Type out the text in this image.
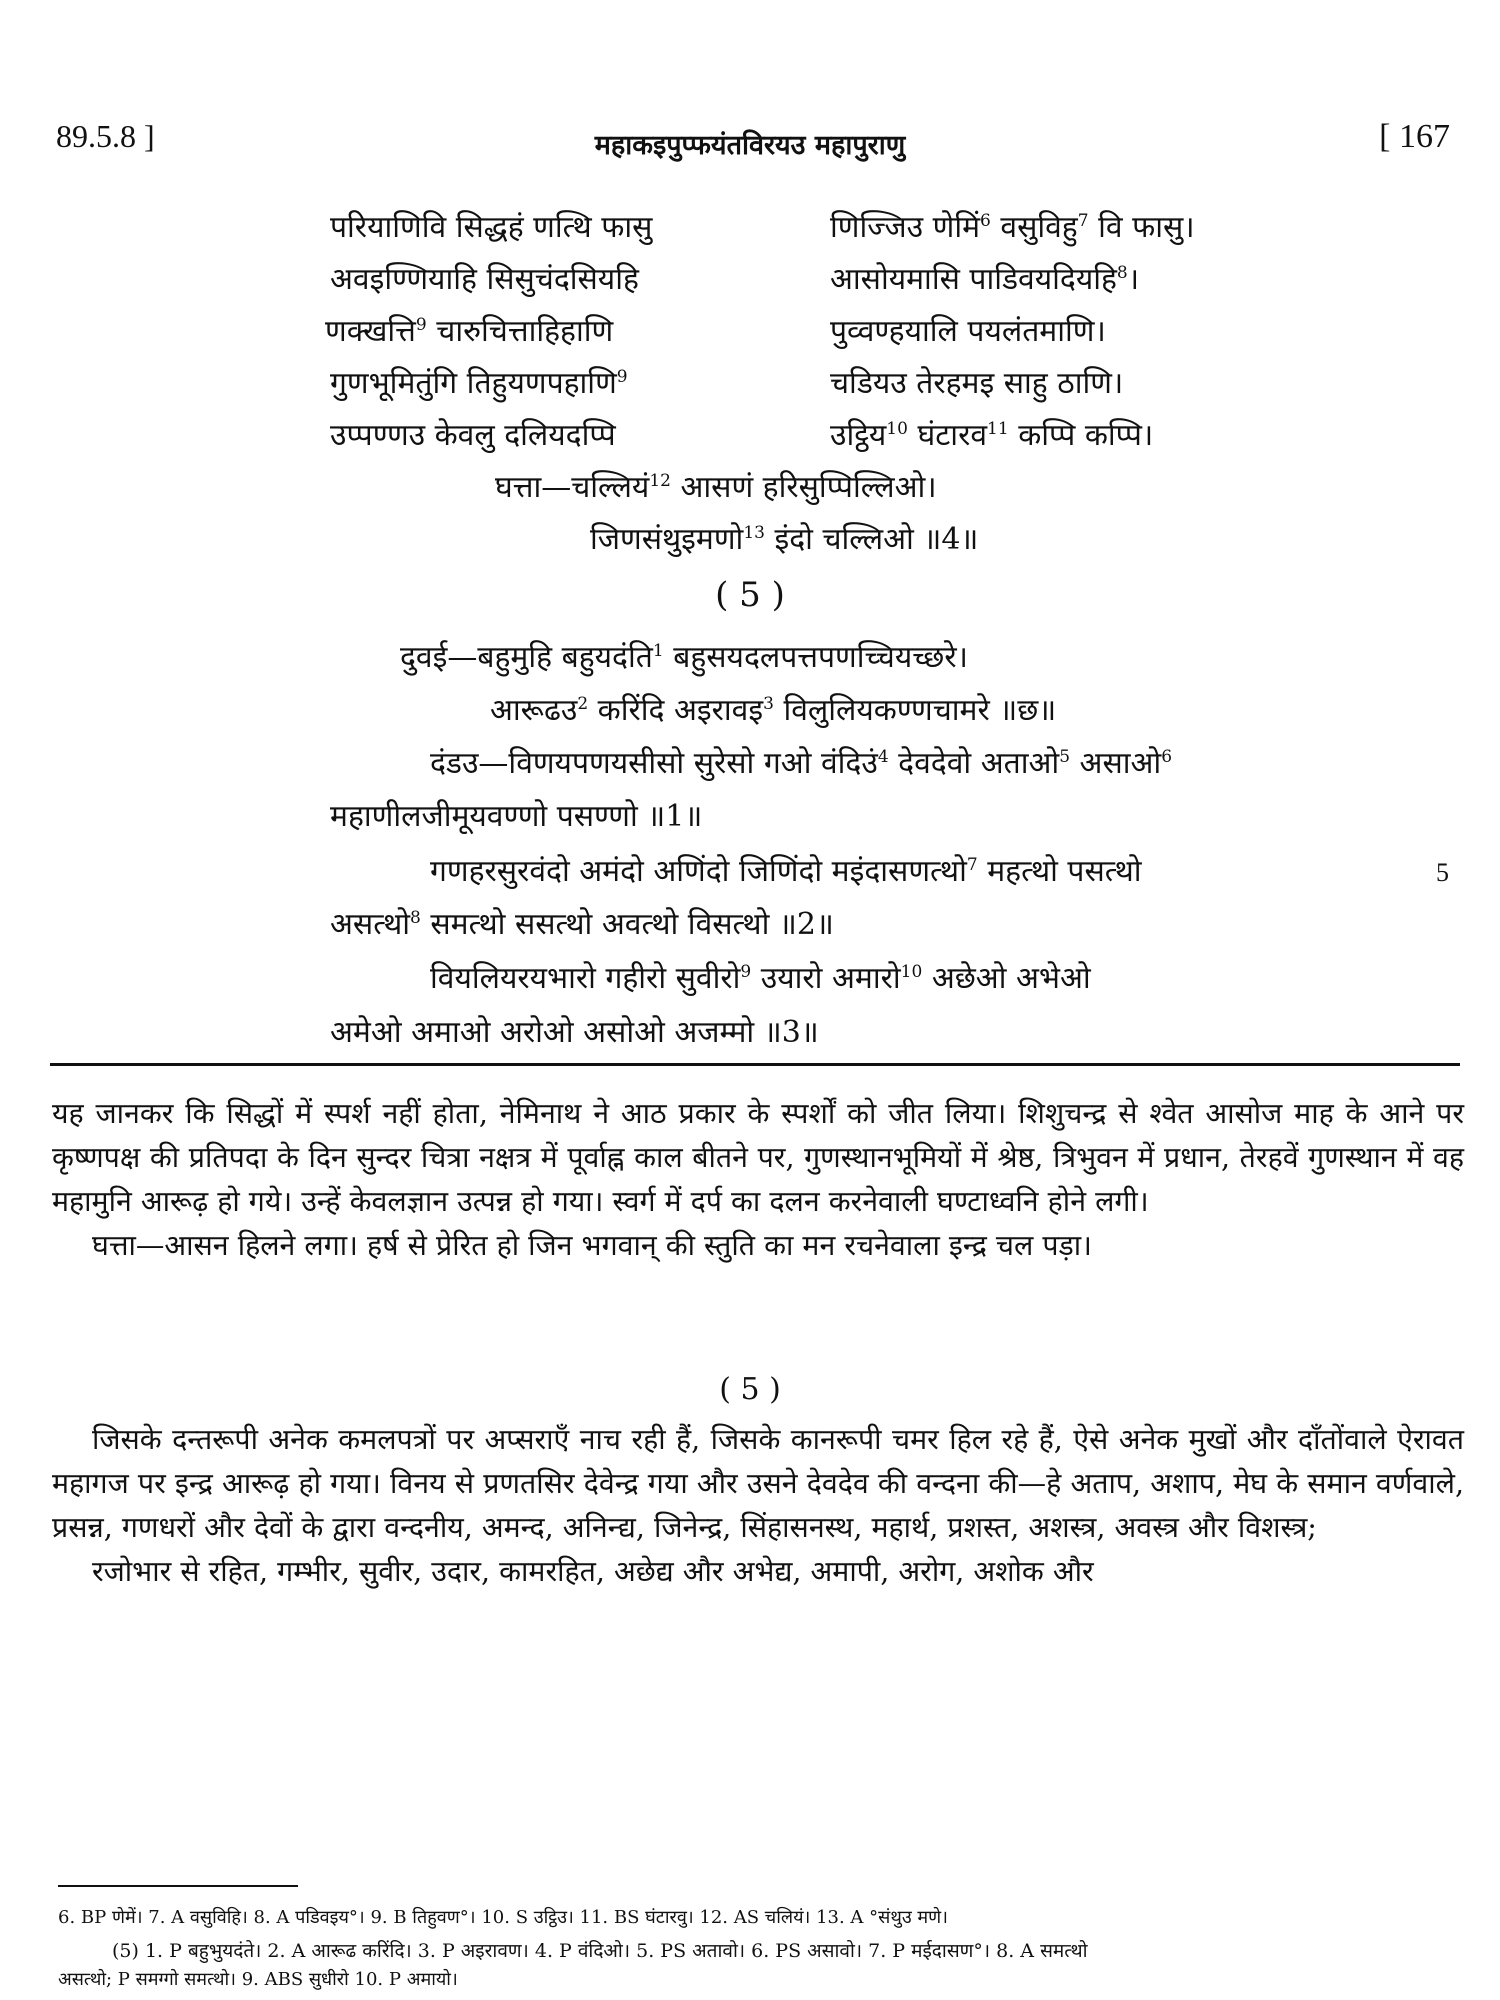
89.5.8 ]	महाकइपुप्फयंतविरयउ महापुराणु	[ 167
परियाणिवि सिद्धहं णत्थि फासु	णिज्जिउ णेमिं$^6$ वसुविहु$^7$ वि फासु।
अवइण्णियाहि सिसुचंदसियहि	आसोयमासि पाडिवयदियहि$^8$।
णक्खत्ति$^9$ चारुचित्ताहिहाणि	पुव्वण्हयालि पयलंतमाणि।
गुणभूमितुंगि तिहुयणपहाणि$^9$	चडियउ तेरहमइ साहु ठाणि।
उप्पण्णउ केवलु दलियदप्पि	उट्ठिय$^{10}$ घंटारव$^{11}$ कप्पि कप्पि।
घत्ता—चल्लियं$^{12}$ आसणं हरिसुप्पिल्लिओ।
जिणसंथुइमणो$^{13}$ इंदो चल्लिओ ॥4॥
( 5 )
दुवई—बहुमुहि बहुयदंति$^1$ बहुसयदलपत्तपणच्चियच्छरे।
आरूढउ$^2$ करिंदि अइरावइ$^3$ विलुलियकण्णचामरे ॥छ॥
दंडउ—विणयपणयसीसो सुरेसो गओ वंदिउं$^4$ देवदेवो अताओ$^5$ असाओ$^6$
महाणीलजीमूयवण्णो पसण्णो ॥1॥
गणहरसुरवंदो अमंदो अणिंदो जिणिंदो मइंदासणत्थो$^7$ महत्थो पसत्थो	5
असत्थो$^8$ समत्थो ससत्थो अवत्थो विसत्थो ॥2॥
वियलियरयभारो गहीरो सुवीरो$^9$ उयारो अमारो$^{10}$ अछेओ अभेओ
अमेओ अमाओ अरोओ असोओ अजम्मो ॥3॥

यह जानकर कि सिद्धों में स्पर्श नहीं होता, नेमिनाथ ने आठ प्रकार के स्पर्शों को जीत लिया। शिशुचन्द्र से श्वेत आसोज माह के आने पर कृष्णपक्ष की प्रतिपदा के दिन सुन्दर चित्रा नक्षत्र में पूर्वाह्न काल बीतने पर, गुणस्थानभूमियों में श्रेष्ठ, त्रिभुवन में प्रधान, तेरहवें गुणस्थान में वह महामुनि आरूढ़ हो गये। उन्हें केवलज्ञान उत्पन्न हो गया। स्वर्ग में दर्प का दलन करनेवाली घण्टाध्वनि होने लगी।

घत्ता—आसन हिलने लगा। हर्ष से प्रेरित हो जिन भगवान् की स्तुति का मन रचनेवाला इन्द्र चल पड़ा।

( 5 )

जिसके दन्तरूपी अनेक कमलपत्रों पर अप्सराएँ नाच रही हैं, जिसके कानरूपी चमर हिल रहे हैं, ऐसे अनेक मुखों और दाँतोंवाले ऐरावत महागज पर इन्द्र आरूढ़ हो गया। विनय से प्रणतसिर देवेन्द्र गया और उसने देवदेव की वन्दना की—हे अताप, अशाप, मेघ के समान वर्णवाले, प्रसन्न, गणधरों और देवों के द्वारा वन्दनीय, अमन्द, अनिन्द्य, जिनेन्द्र, सिंहासनस्थ, महार्थ, प्रशस्त, अशस्त्र, अवस्त्र और विशस्त्र;

रजोभार से रहित, गम्भीर, सुवीर, उदार, कामरहित, अछेद्य और अभेद्य, अमापी, अरोग, अशोक और

6. BP णेमें। 7. A वसुविहि। 8. A पडिवइय°। 9. B तिहुवण°। 10. S उट्ठिउ। 11. BS घंटारवु। 12. AS चलियं। 13. A °संथुउ मणे।
(5) 1. P बहुभुयदंते। 2. A आरूढ करिंदि। 3. P अइरावण। 4. P वंदिओ। 5. PS अतावो। 6. PS असावो। 7. P मईदासण°। 8. A समत्थो
असत्थो; P समग्गो समत्थो। 9. ABS सुधीरो 10. P अमायो।
